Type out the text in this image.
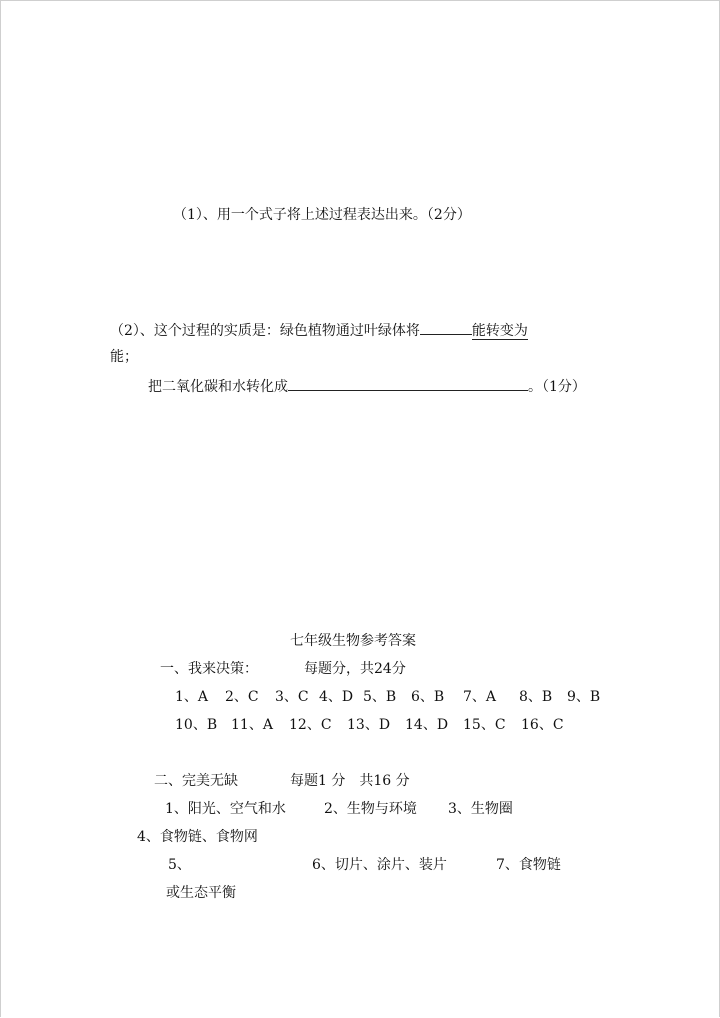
（1）、用一个式子将上述过程表达出来。（2分）
（2）、这个过程的实质是：绿色植物通过叶绿体将	能转变为
能；
把二氧化碳和水转化成	。（1分）
七年级生物参考答案
一、我来决策：	每题分，共24分
1、A 2、C 3、C 4、D 5、B 6、B 7、A 8、B 9、B
10、B 11、A 12、C 13、D 14、D 15、C 16、C
二、完美无缺	每题1 分　共16 分
1、阳光、空气和水	2、生物与环境 3、生物圈
4、食物链、食物网
5、	6、切片、涂片、装片	7、食物链
或生态平衡
